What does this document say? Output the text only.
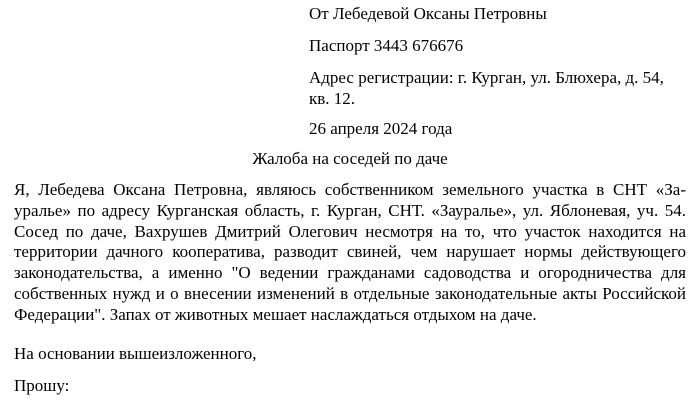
От Лебедевой Оксаны Петровны
Паспорт 3443 676676
Адрес регистрации: г. Курган, ул. Блюхера, д. 54,
кв. 12.
26 апреля 2024 года
Жалоба на соседей по даче

Я, Лебедева Оксана Петровна, являюсь собственником земельного участка в СНТ «Зауралье» по адресу Курганская область, г. Курган, СНТ. «Зауралье», ул. Яблоневая, уч. 54. Сосед по даче, Вахрушев Дмитрий Олегович несмотря на то, что участок находится на территории дачного кооператива, разводит свиней, чем нарушает нормы действующего законодательства, а именно "О ведении гражданами садоводства и огородничества для собственных нужд и о внесении изменений в отдельные законодательные акты Российской Федерации". Запах от животных мешает наслаждаться отдыхом на даче.

На основании вышеизложенного,
Прошу:
